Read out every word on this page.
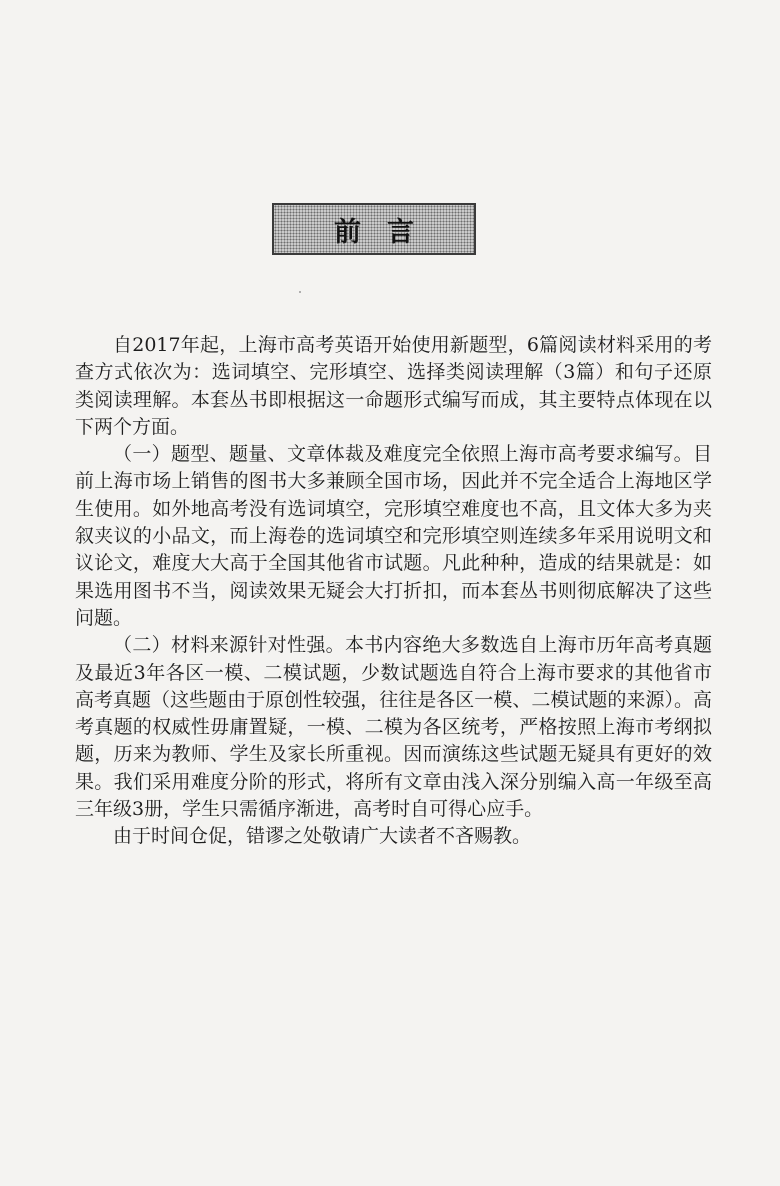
前言

自2017年起，上海市高考英语开始使用新题型，6篇阅读材料采用的考查方式依次为：选词填空、完形填空、选择类阅读理解（3篇）和句子还原类阅读理解。本套丛书即根据这一命题形式编写而成，其主要特点体现在以下两个方面。

（一）题型、题量、文章体裁及难度完全依照上海市高考要求编写。目前上海市场上销售的图书大多兼顾全国市场，因此并不完全适合上海地区学生使用。如外地高考没有选词填空，完形填空难度也不高，且文体大多为夹叙夹议的小品文，而上海卷的选词填空和完形填空则连续多年采用说明文和议论文，难度大大高于全国其他省市试题。凡此种种，造成的结果就是：如果选用图书不当，阅读效果无疑会大打折扣，而本套丛书则彻底解决了这些问题。

（二）材料来源针对性强。本书内容绝大多数选自上海市历年高考真题及最近3年各区一模、二模试题，少数试题选自符合上海市要求的其他省市高考真题（这些题由于原创性较强，往往是各区一模、二模试题的来源）。高考真题的权威性毋庸置疑，一模、二模为各区统考，严格按照上海市考纲拟题，历来为教师、学生及家长所重视。因而演练这些试题无疑具有更好的效果。我们采用难度分阶的形式，将所有文章由浅入深分别编入高一年级至高三年级3册，学生只需循序渐进，高考时自可得心应手。

由于时间仓促，错谬之处敬请广大读者不吝赐教。
